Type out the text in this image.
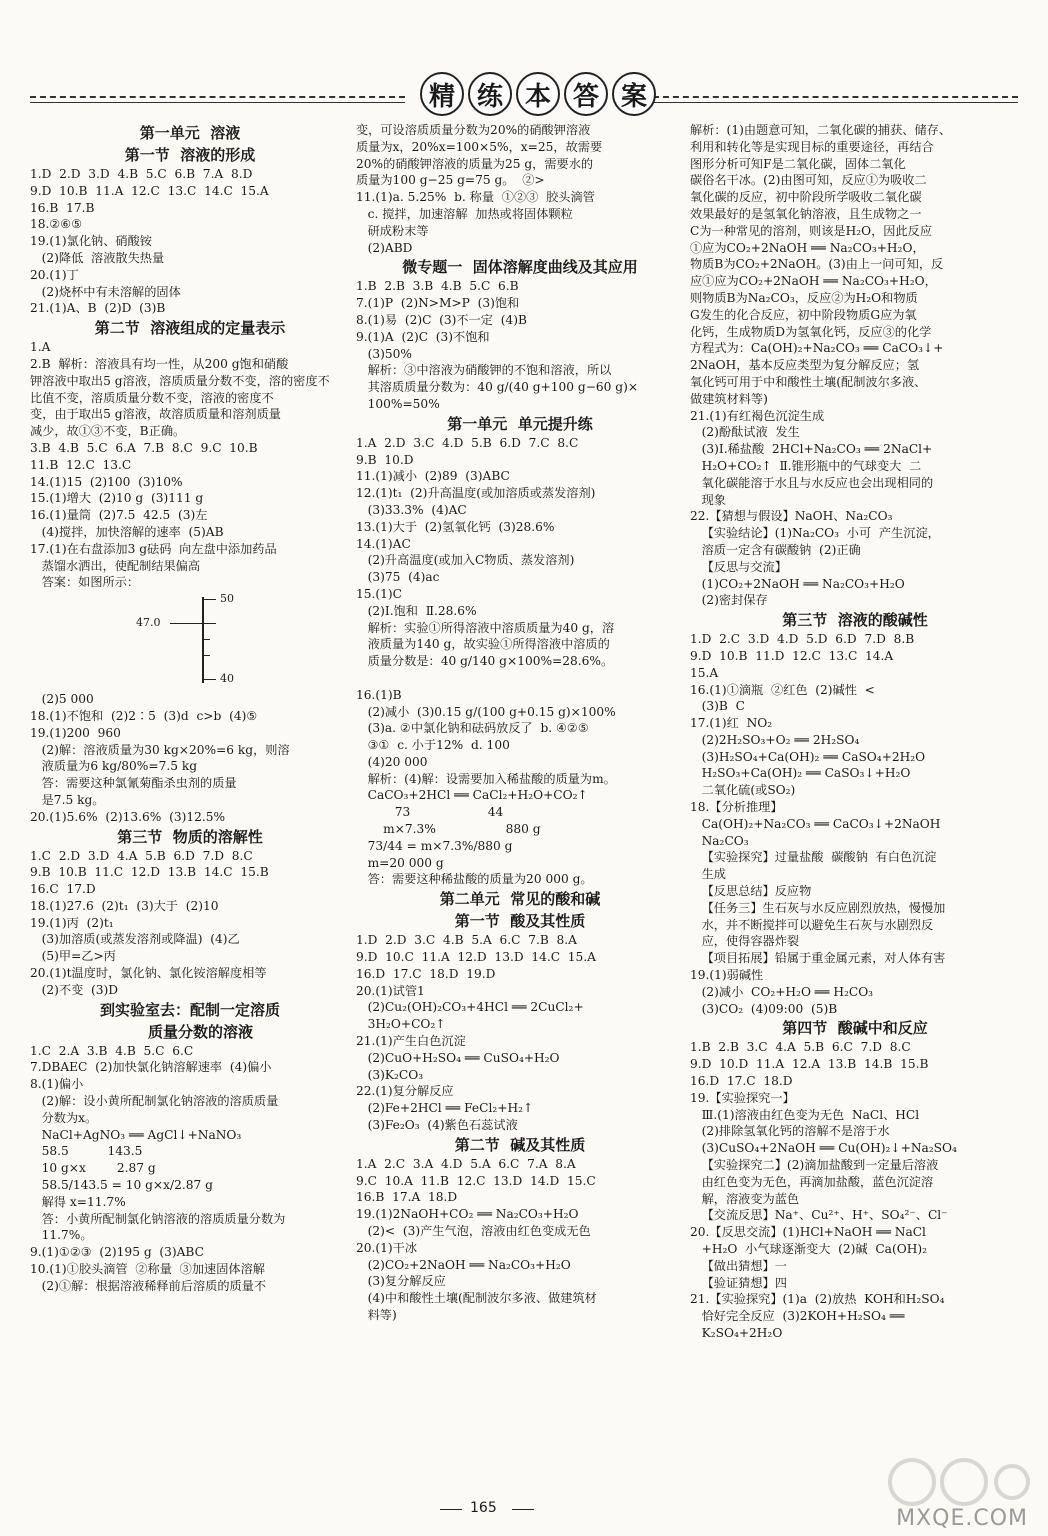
精 练 本 答 案
第一单元  溶液
第一节  溶液的形成
1.D  2.D  3.D  4.B  5.C  6.B  7.A  8.D
9.D  10.B  11.A  12.C  13.C  14.C  15.A
16.B  17.B
18.②⑥⑤
19.(1)氯化钠、硝酸铵
(2)降低  溶液散失热量
20.(1)丁
(2)烧杯中有未溶解的固体
21.(1)A、B  (2)D  (3)B
第二节  溶液组成的定量表示
1.A
2.B  解析：溶液具有均一性，从200 g饱和硝酸
钾溶液中取出5 g溶液，溶质质量分数不变，溶的密度不
比值不变，溶质质量分数不变，溶液的密度不
变，由于取出5 g溶液，故溶质质量和溶剂质量
减少，故①③不变，B正确。
3.B  4.B  5.C  6.A  7.B  8.C  9.C  10.B
11.B  12.C  13.C
14.(1)15  (2)100  (3)10%
15.(1)增大  (2)10 g  (3)111 g
16.(1)量筒  (2)7.5  42.5  (3)左
(4)搅拌，加快溶解的速率  (5)AB
17.(1)在右盘添加3 g砝码  向左盘中添加药品
蒸馏水洒出，使配制结果偏高
答案：如图所示：
50
47.0
40
(2)5 000
18.(1)不饱和  (2)2∶5  (3)d  c>b  (4)⑤
19.(1)200  960
(2)解：溶液质量为30 kg×20%=6 kg，则溶
液质量为6 kg/80%=7.5 kg
答：需要这种氯氰菊酯杀虫剂的质量
是7.5 kg。
20.(1)5.6%  (2)13.6%  (3)12.5%
第三节  物质的溶解性
1.C  2.D  3.D  4.A  5.B  6.D  7.D  8.C
9.B  10.B  11.C  12.D  13.B  14.C  15.B
16.C  17.D
18.(1)27.6  (2)t₁  (3)大于  (2)10
19.(1)丙  (2)t₁
(3)加溶质(或蒸发溶剂或降温)  (4)乙
(5)甲=乙>丙
20.(1)t温度时，氯化钠、氯化铵溶解度相等
(2)不变  (3)D
到实验室去：配制一定溶质
质量分数的溶液
1.C  2.A  3.B  4.B  5.C  6.C
7.DBAEC  (2)加快氯化钠溶解速率  (4)偏小
8.(1)偏小
(2)解：设小黄所配制氯化钠溶液的溶质质量
分数为x。
NaCl+AgNO₃ ══ AgCl↓+NaNO₃
58.5          143.5
10 g×x        2.87 g
58.5/143.5 = 10 g×x/2.87 g
解得 x=11.7%
答：小黄所配制氯化钠溶液的溶质质量分数为
11.7%。
9.(1)①②③  (2)195 g  (3)ABC
10.(1)①胶头滴管  ②称量  ③加速固体溶解
(2)①解：根据溶液稀释前后溶质的质量不
变，可设溶质质量分数为20%的硝酸钾溶液
质量为x，20%x=100×5%，x=25，故需要
20%的硝酸钾溶液的质量为25 g，需要水的
质量为100 g−25 g=75 g。  ②>
11.(1)a. 5.25%  b. 称量  ①②③  胶头滴管
c. 搅拌，加速溶解  加热或将固体颗粒
研成粉末等
(2)ABD
微专题一  固体溶解度曲线及其应用
1.B  2.B  3.B  4.B  5.C  6.B
7.(1)P  (2)N>M>P  (3)饱和
8.(1)易  (2)C  (3)不一定  (4)B
9.(1)A  (2)C  (3)不饱和
(3)50%
解析：③中溶液为硝酸钾的不饱和溶液，所以
其溶质质量分数为：40 g/(40 g+100 g−60 g)×
100%=50%
第一单元  单元提升练
1.A  2.D  3.C  4.D  5.B  6.D  7.C  8.C
9.B  10.D
11.(1)减小  (2)89  (3)ABC
12.(1)t₁  (2)升高温度(或加溶质或蒸发溶剂)
(3)33.3%  (4)AC
13.(1)大于  (2)氢氧化钙  (3)28.6%
14.(1)AC
(2)升高温度(或加入C物质、蒸发溶剂)
(3)75  (4)ac
15.(1)C
(2)Ⅰ.饱和  Ⅱ.28.6%
解析：实验①所得溶液中溶质质量为40 g，溶
液质量为140 g，故实验①所得溶液中溶质的
质量分数是：40 g/140 g×100%=28.6%。
16.(1)B
(2)减小  (3)0.15 g/(100 g+0.15 g)×100%
(3)a. ②中氯化钠和砝码放反了  b. ④②⑤
③①  c. 小于12%  d. 100
(4)20 000
解析：(4)解：设需要加入稀盐酸的质量为m。
CaCO₃+2HCl ══ CaCl₂+H₂O+CO₂↑
73                    44
m×7.3%                  880 g
73/44 = m×7.3%/880 g
m=20 000 g
答：需要这种稀盐酸的质量为20 000 g。
第二单元  常见的酸和碱
第一节  酸及其性质
1.D  2.D  3.C  4.B  5.A  6.C  7.B  8.A
9.D  10.C  11.A  12.D  13.D  14.C  15.A
16.D  17.C  18.D  19.D
20.(1)试管1
(2)Cu₂(OH)₂CO₃+4HCl ══ 2CuCl₂+
3H₂O+CO₂↑
21.(1)产生白色沉淀
(2)CuO+H₂SO₄ ══ CuSO₄+H₂O
(3)K₂CO₃
22.(1)复分解反应
(2)Fe+2HCl ══ FeCl₂+H₂↑
(3)Fe₂O₃  (4)紫色石蕊试液
第二节  碱及其性质
1.A  2.C  3.A  4.D  5.A  6.C  7.A  8.A
9.C  10.A  11.B  12.C  13.D  14.D  15.C
16.B  17.A  18.D
19.(1)2NaOH+CO₂ ══ Na₂CO₃+H₂O
(2)<  (3)产生气泡，溶液由红色变成无色
20.(1)干冰
(2)CO₂+2NaOH ══ Na₂CO₃+H₂O
(3)复分解反应
(4)中和酸性土壤(配制波尔多液、做建筑材
料等)
解析：(1)由题意可知，二氧化碳的捕获、储存、
利用和转化等是实现目标的重要途径，再结合
图形分析可知F是二氧化碳，固体二氧化
碳俗名干冰。(2)由图可知，反应①为吸收二
氧化碳的反应，初中阶段所学吸收二氧化碳
效果最好的是氢氧化钠溶液，且生成物之一
C为一种常见的溶剂，则该是H₂O，因此反应
①应为CO₂+2NaOH ══ Na₂CO₃+H₂O，
物质B为CO₂+2NaOH。(3)由上一问可知，反
应①应为CO₂+2NaOH ══ Na₂CO₃+H₂O，
则物质B为Na₂CO₃，反应②为H₂O和物质
G发生的化合反应，初中阶段物质G应为氧
化钙，生成物质D为氢氧化钙，反应③的化学
方程式为：Ca(OH)₂+Na₂CO₃ ══ CaCO₃↓+
2NaOH，基本反应类型为复分解反应；氢
氧化钙可用于中和酸性土壤(配制波尔多液、
做建筑材料等)
21.(1)有红褐色沉淀生成
(2)酚酞试液  发生
(3)Ⅰ.稀盐酸  2HCl+Na₂CO₃ ══ 2NaCl+
H₂O+CO₂↑  Ⅱ.锥形瓶中的气球变大  二
氧化碳能溶于水且与水反应也会出现相同的
现象
22.【猜想与假设】NaOH、Na₂CO₃
【实验结论】(1)Na₂CO₃  小可  产生沉淀，
溶质一定含有碳酸钠  (2)正确
【反思与交流】
(1)CO₂+2NaOH ══ Na₂CO₃+H₂O
(2)密封保存
第三节  溶液的酸碱性
1.D  2.C  3.D  4.D  5.D  6.D  7.D  8.B
9.D  10.B  11.D  12.C  13.C  14.A
15.A
16.(1)①滴瓶  ②红色  (2)碱性  <
(3)B  C
17.(1)红  NO₂
(2)2H₂SO₃+O₂ ══ 2H₂SO₄
(3)H₂SO₄+Ca(OH)₂ ══ CaSO₄+2H₂O
H₂SO₃+Ca(OH)₂ ══ CaSO₃↓+H₂O
二氧化硫(或SO₂)
18.【分析推理】
Ca(OH)₂+Na₂CO₃ ══ CaCO₃↓+2NaOH
Na₂CO₃
【实验探究】过量盐酸  碳酸钠  有白色沉淀
生成
【反思总结】反应物
【任务三】生石灰与水反应剧烈放热，慢慢加
水，并不断搅拌可以避免生石灰与水剧烈反
应，使得容器炸裂
【项目拓展】铅属于重金属元素，对人体有害
19.(1)弱碱性
(2)减小  CO₂+H₂O ══ H₂CO₃
(3)CO₂  (4)09:00  (5)B
第四节  酸碱中和反应
1.B  2.B  3.C  4.A  5.B  6.C  7.D  8.C
9.D  10.D  11.A  12.A  13.B  14.B  15.B
16.D  17.C  18.D
19.【实验探究一】
Ⅲ.(1)溶液由红色变为无色  NaCl、HCl
(2)排除氢氧化钙的溶解不是溶于水
(3)CuSO₄+2NaOH ══ Cu(OH)₂↓+Na₂SO₄
【实验探究二】(2)滴加盐酸到一定量后溶液
由红色变为无色，再滴加盐酸，蓝色沉淀溶
解，溶液变为蓝色
【交流反思】Na⁺、Cu²⁺、H⁺、SO₄²⁻、Cl⁻
20.【反思交流】(1)HCl+NaOH ══ NaCl
+H₂O  小气球逐渐变大  (2)碱  Ca(OH)₂
【做出猜想】一
【验证猜想】四
21.【实验探究】(1)a  (2)放热  KOH和H₂SO₄
恰好完全反应  (3)2KOH+H₂SO₄ ══
K₂SO₄+2H₂O
165	MXQE.COM
